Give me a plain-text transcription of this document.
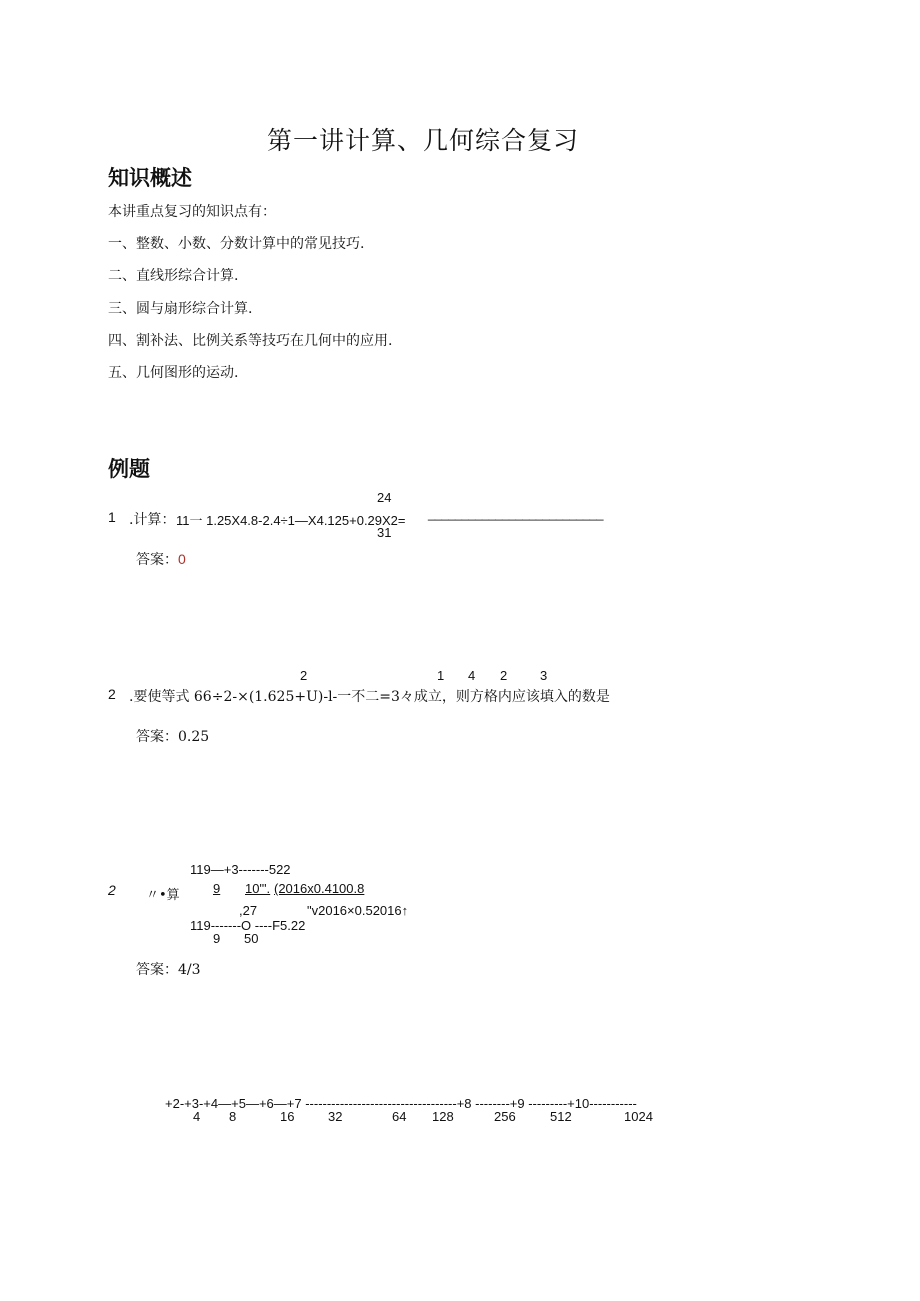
第一讲计算、几何综合复习
知识概述
本讲重点复习的知识点有：
一、整数、小数、分数计算中的常见技巧.
二、直线形综合计算.
三、圆与扇形综合计算.
四、割补法、比例关系等技巧在几何中的应用.
五、几何图形的运动.
例题
24
1 .计算： 11一 1.25X4.8-2.4÷1—X4.125+0.29X2= __________________________
31
答案：0
2	1 4 2	3
2 .要使等式 66÷2-×(1.625+U)-l-一不二=3々成立，则方格内应该填入的数是
答案：0.25
119—+3-------522
2 〃•算	9 10"'. (2016x0.4100.8
,27	"v2016×0.52016↑
119-------O ----F5.22
9 50
答案：4/3
+2-+3-+4—+5—+6—+7 -----------------------------------+8 --------+9 ---------+10-----------
4 8	16	32	64 128	256	512	1024
